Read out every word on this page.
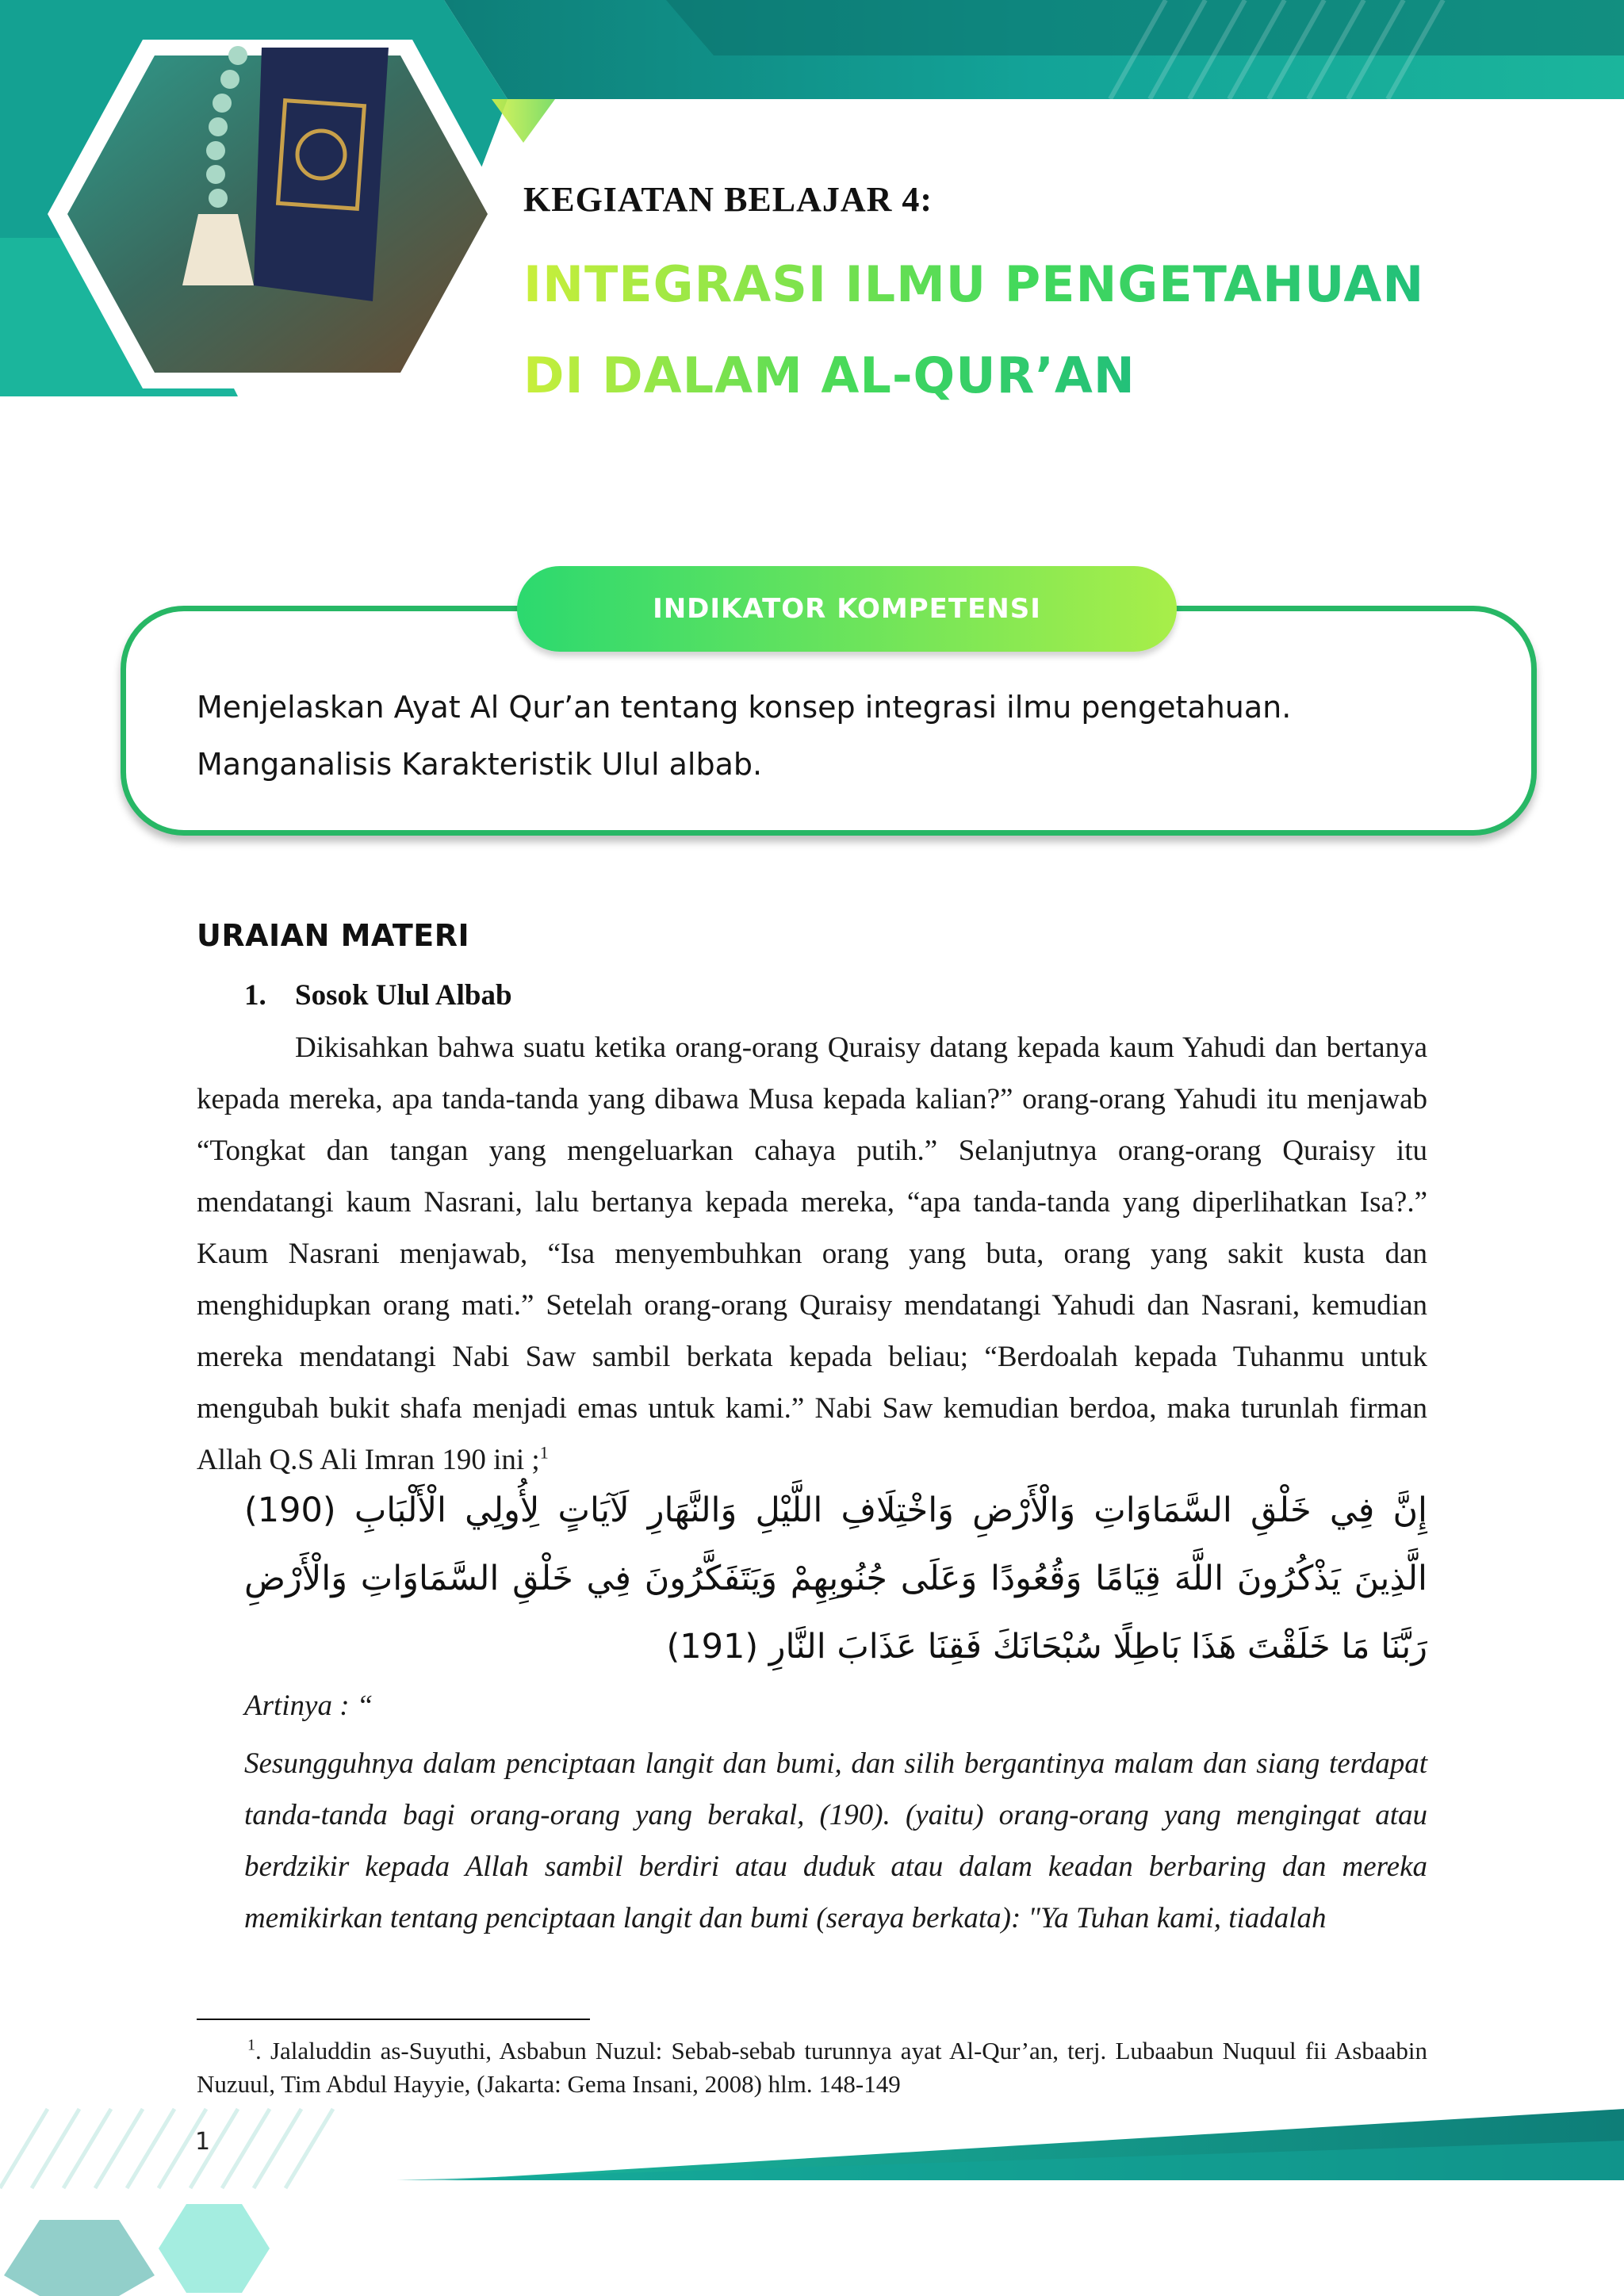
KEGIATAN BELAJAR 4:
INTEGRASI ILMU PENGETAHUAN
DI DALAM AL-QUR’AN
INDIKATOR KOMPETENSI
Menjelaskan Ayat Al Qur’an tentang konsep integrasi ilmu pengetahuan.
Manganalisis Karakteristik Ulul albab.
URAIAN MATERI
1. Sosok Ulul Albab
Dikisahkan bahwa suatu ketika orang-orang Quraisy datang kepada kaum Yahudi dan bertanya kepada mereka, apa tanda-tanda yang dibawa Musa kepada kalian?” orang-orang Yahudi itu menjawab “Tongkat dan tangan yang mengeluarkan cahaya putih.” Selanjutnya orang-orang Quraisy itu mendatangi kaum Nasrani, lalu bertanya kepada mereka, “apa tanda-tanda yang diperlihatkan Isa?.” Kaum Nasrani menjawab, “Isa menyembuhkan orang yang buta, orang yang sakit kusta dan menghidupkan orang mati.” Setelah orang-orang Quraisy mendatangi Yahudi dan Nasrani, kemudian mereka mendatangi Nabi Saw sambil berkata kepada beliau; “Berdoalah kepada Tuhanmu untuk mengubah bukit shafa menjadi emas untuk kami.” Nabi Saw kemudian berdoa, maka turunlah firman Allah Q.S Ali Imran 190 ini ;$^1$
إِنَّ فِي خَلْقِ السَّمَاوَاتِ وَالْأَرْضِ وَاخْتِلَافِ اللَّيْلِ وَالنَّهَارِ لَآيَاتٍ لِأُولِي الْأَلْبَابِ (190) الَّذِينَ يَذْكُرُونَ اللَّهَ قِيَامًا وَقُعُودًا وَعَلَى جُنُوبِهِمْ وَيَتَفَكَّرُونَ فِي خَلْقِ السَّمَاوَاتِ وَالْأَرْضِ رَبَّنَا مَا خَلَقْتَ هَذَا بَاطِلًا سُبْحَانَكَ فَقِنَا عَذَابَ النَّارِ (191)
Artinya : “
Sesungguhnya dalam penciptaan langit dan bumi, dan silih bergantinya malam dan siang terdapat tanda-tanda bagi orang-orang yang berakal, (190). (yaitu) orang-orang yang mengingat atau berdzikir kepada Allah sambil berdiri atau duduk atau dalam keadan berbaring dan mereka memikirkan tentang penciptaan langit dan bumi (seraya berkata): "Ya Tuhan kami, tiadalah
$^1$. Jalaluddin as-Suyuthi, Asbabun Nuzul: Sebab-sebab turunnya ayat Al-Qur’an, terj. Lubaabun Nuquul fii Asbaabin Nuzuul, Tim Abdul Hayyie, (Jakarta: Gema Insani, 2008) hlm. 148-149
1
